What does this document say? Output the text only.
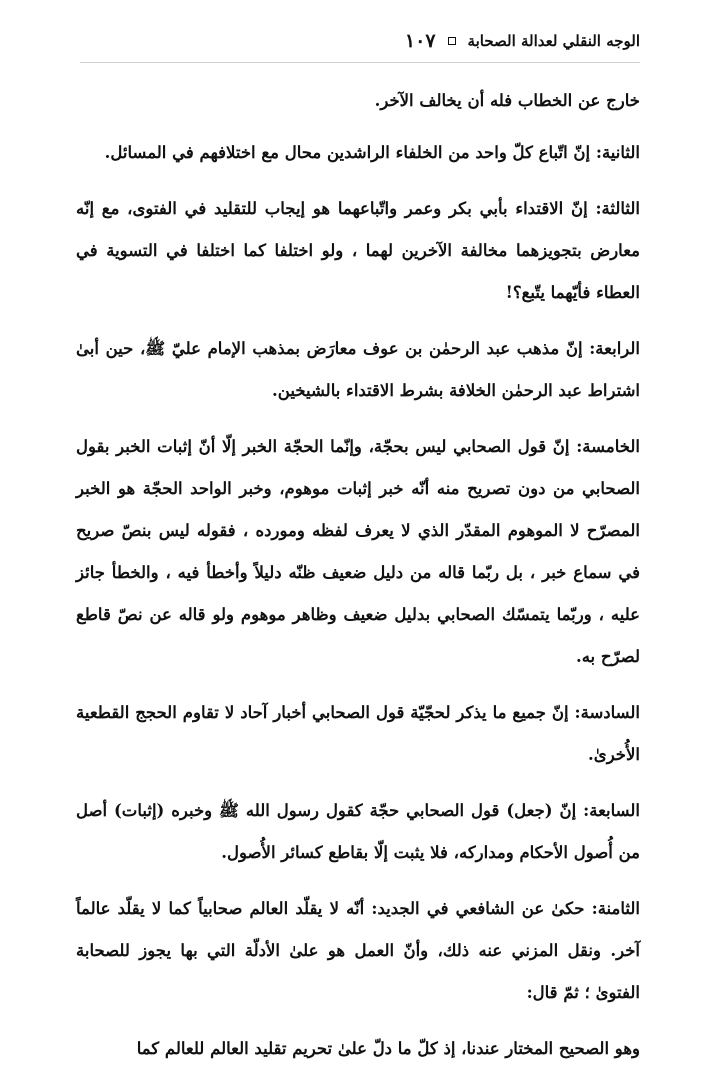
الوجه النقلي لعدالة الصحابة
١٠٧

خارج عن الخطاب فله أن يخالف الآخر.

الثانية: إنّ اتّباع كلّ واحد من الخلفاء الراشدين محال مع اختلافهم في المسائل.

الثالثة: إنّ الاقتداء بأبي بكر وعمر واتّباعهما هو إيجاب للتقليد في الفتوى، مع إنّه معارض بتجويزهما مخالفة الآخرين لهما ، ولو اختلفا كما اختلفا في التسوية في العطاء فأيّهما يتّبع؟!

الرابعة: إنّ مذهب عبد الرحمٰن بن عوف معارَض بمذهب الإمام عليّ ﷺ، حين أبىٰ اشتراط عبد الرحمٰن الخلافة بشرط الاقتداء بالشيخين.

الخامسة: إنّ قول الصحابي ليس بحجّة، وإنّما الحجّة الخبر إلّا أنّ إثبات الخبر بقول الصحابي من دون تصريح منه أنّه خبر إثبات موهوم، وخبر الواحد الحجّة هو الخبر المصرّح لا الموهوم المقدّر الذي لا يعرف لفظه ومورده ، فقوله ليس بنصّ صريح في سماع خبر ، بل ربّما قاله من دليل ضعيف ظنّه دليلاً وأخطأ فيه ، والخطأ جائز عليه ، وربّما يتمسّك الصحابي بدليل ضعيف وظاهر موهوم ولو قاله عن نصّ قاطع لصرّح به.

السادسة: إنّ جميع ما يذكر لحجّيّة قول الصحابي أخبار آحاد لا تقاوم الحجج القطعية الأُخرىٰ.

السابعة: إنّ (جعل) قول الصحابي حجّة كقول رسول الله ﷺ وخبره (إثبات) أصل من أُصول الأحكام ومداركه، فلا يثبت إلّا بقاطع كسائر الأُصول.

الثامنة: حكىٰ عن الشافعي في الجديد: أنّه لا يقلّد العالم صحابياً كما لا يقلّد عالماً آخر. ونقل المزني عنه ذلك، وأنّ العمل هو علىٰ الأدلّة التي بها يجوز للصحابة الفتوىٰ ؛ ثمّ قال:

وهو الصحيح المختار عندنا، إذ كلّ ما دلّ علىٰ تحريم تقليد العالم للعالم كما
